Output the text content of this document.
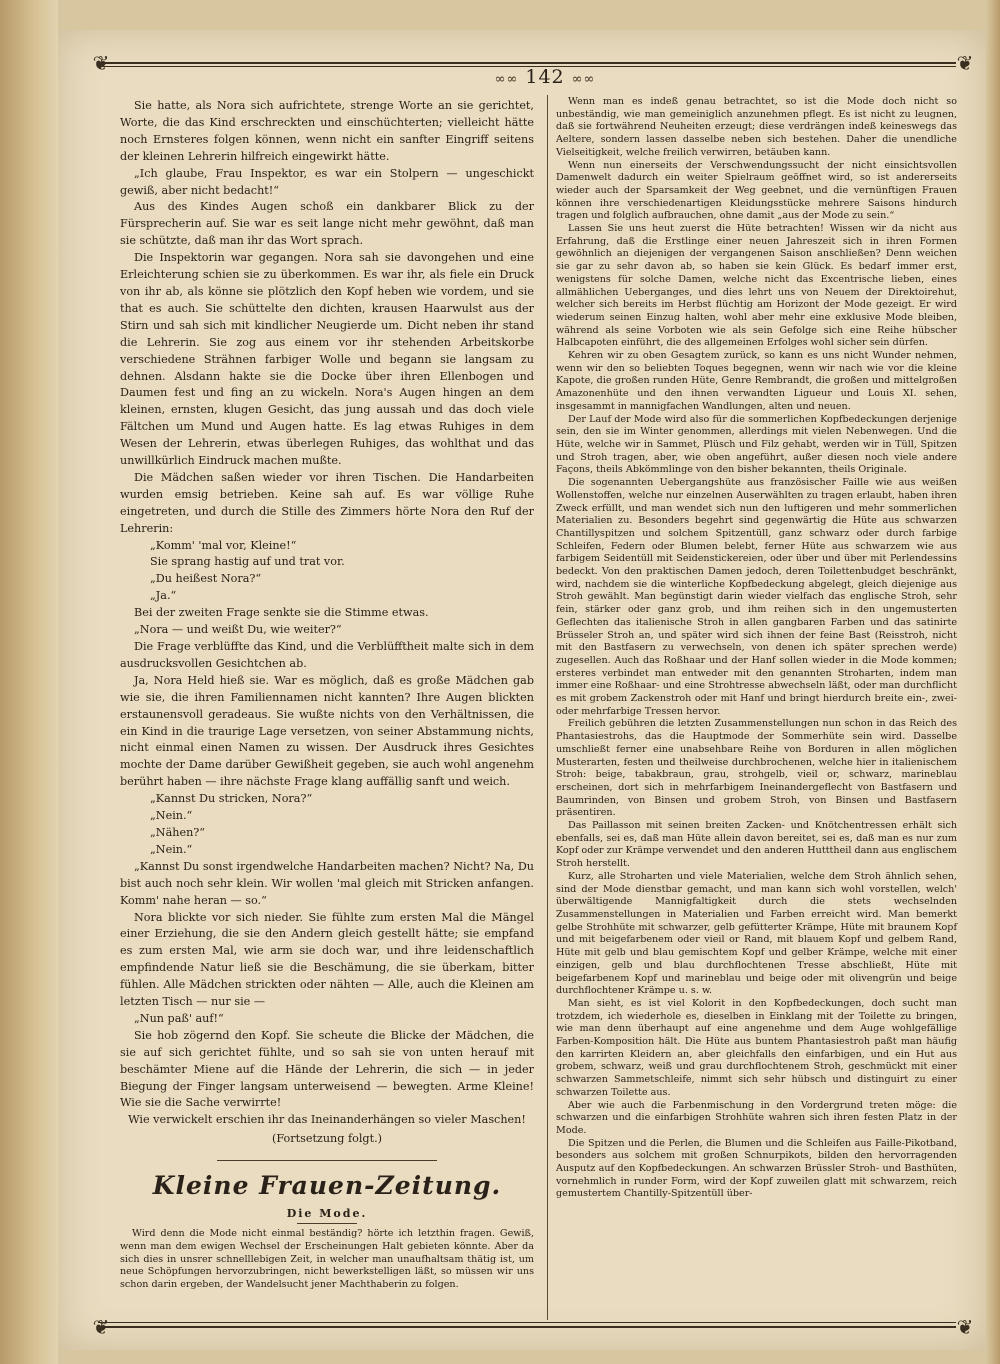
❦	❦
❦	❦
∞∞ 142 ∞∞

Sie hatte, als Nora sich aufrichtete, strenge Worte an sie gerichtet, Worte, die das Kind erschreckten und einschüchterten; vielleicht hätte noch Ernsteres folgen können, wenn nicht ein sanfter Eingriff seitens der kleinen Lehrerin hilfreich eingewirkt hätte.

„Ich glaube, Frau Inspektor, es war ein Stolpern — ungeschickt gewiß, aber nicht bedacht!“

Aus des Kindes Augen schoß ein dankbarer Blick zu der Fürsprecherin auf. Sie war es seit lange nicht mehr gewöhnt, daß man sie schützte, daß man ihr das Wort sprach.

Die Inspektorin war gegangen. Nora sah sie davongehen und eine Erleichterung schien sie zu überkommen. Es war ihr, als fiele ein Druck von ihr ab, als könne sie plötzlich den Kopf heben wie vordem, und sie that es auch. Sie schüttelte den dichten, krausen Haarwulst aus der Stirn und sah sich mit kindlicher Neugierde um. Dicht neben ihr stand die Lehrerin. Sie zog aus einem vor ihr stehenden Arbeitskorbe verschiedene Strähnen farbiger Wolle und begann sie langsam zu dehnen. Alsdann hakte sie die Docke über ihren Ellenbogen und Daumen fest und fing an zu wickeln. Nora's Augen hingen an dem kleinen, ernsten, klugen Gesicht, das jung aussah und das doch viele Fältchen um Mund und Augen hatte. Es lag etwas Ruhiges in dem Wesen der Lehrerin, etwas überlegen Ruhiges, das wohlthat und das unwillkürlich Eindruck machen mußte.

Die Mädchen saßen wieder vor ihren Tischen. Die Handarbeiten wurden emsig betrieben. Keine sah auf. Es war völlige Ruhe eingetreten, und durch die Stille des Zimmers hörte Nora den Ruf der Lehrerin:

„Komm' 'mal vor, Kleine!“

Sie sprang hastig auf und trat vor.

„Du heißest Nora?“

„Ja.“

Bei der zweiten Frage senkte sie die Stimme etwas.

„Nora — und weißt Du, wie weiter?“

Die Frage verblüffte das Kind, und die Verblüfftheit malte sich in dem ausdrucksvollen Gesichtchen ab.

Ja, Nora Held hieß sie. War es möglich, daß es große Mädchen gab wie sie, die ihren Familiennamen nicht kannten? Ihre Augen blickten erstaunensvoll geradeaus. Sie wußte nichts von den Verhältnissen, die ein Kind in die traurige Lage versetzen, von seiner Abstammung nichts, nicht einmal einen Namen zu wissen. Der Ausdruck ihres Gesichtes mochte der Dame darüber Gewißheit gegeben, sie auch wohl angenehm berührt haben — ihre nächste Frage klang auffällig sanft und weich.

„Kannst Du stricken, Nora?“

„Nein.“

„Nähen?“

„Nein.“

„Kannst Du sonst irgendwelche Handarbeiten machen? Nicht? Na, Du bist auch noch sehr klein. Wir wollen 'mal gleich mit Stricken anfangen. Komm' nahe heran — so.“

Nora blickte vor sich nieder. Sie fühlte zum ersten Mal die Mängel einer Erziehung, die sie den Andern gleich gestellt hätte; sie empfand es zum ersten Mal, wie arm sie doch war, und ihre leidenschaftlich empfindende Natur ließ sie die Beschämung, die sie überkam, bitter fühlen. Alle Mädchen strickten oder nähten — Alle, auch die Kleinen am letzten Tisch — nur sie —

„Nun paß' auf!“

Sie hob zögernd den Kopf. Sie scheute die Blicke der Mädchen, die sie auf sich gerichtet fühlte, und so sah sie von unten herauf mit beschämter Miene auf die Hände der Lehrerin, die sich — in jeder Biegung der Finger langsam unterweisend — bewegten. Arme Kleine! Wie sie die Sache verwirrte!

Wie verwickelt erschien ihr das Ineinanderhängen so vieler Maschen!

(Fortsetzung folgt.)

Kleine Frauen-Zeitung.
Die Mode.

Wird denn die Mode nicht einmal beständig? hörte ich letzthin fragen. Gewiß, wenn man dem ewigen Wechsel der Erscheinungen Halt gebieten könnte. Aber da sich dies in unsrer schnelllebigen Zeit, in welcher man unaufhaltsam thätig ist, um neue Schöpfungen hervorzubringen, nicht bewerkstelligen läßt, so müssen wir uns schon darin ergeben, der Wandelsucht jener Machthaberin zu folgen.

Wenn man es indeß genau betrachtet, so ist die Mode doch nicht so unbeständig, wie man gemeiniglich anzunehmen pflegt. Es ist nicht zu leugnen, daß sie fortwährend Neuheiten erzeugt; diese verdrängen indeß keineswegs das Aeltere, sondern lassen dasselbe neben sich bestehen. Daher die unendliche Vielseitigkeit, welche freilich verwirren, betäuben kann.

Wenn nun einerseits der Verschwendungssucht der nicht einsichtsvollen Damenwelt dadurch ein weiter Spielraum geöffnet wird, so ist andererseits wieder auch der Sparsamkeit der Weg geebnet, und die vernünftigen Frauen können ihre verschiedenartigen Kleidungsstücke mehrere Saisons hindurch tragen und folglich aufbrauchen, ohne damit „aus der Mode zu sein.“

Lassen Sie uns heut zuerst die Hüte betrachten! Wissen wir da nicht aus Erfahrung, daß die Erstlinge einer neuen Jahreszeit sich in ihren Formen gewöhnlich an diejenigen der vergangenen Saison anschließen? Denn weichen sie gar zu sehr davon ab, so haben sie kein Glück. Es bedarf immer erst, wenigstens für solche Damen, welche nicht das Excentrische lieben, eines allmählichen Ueberganges, und dies lehrt uns von Neuem der Direktoirehut, welcher sich bereits im Herbst flüchtig am Horizont der Mode gezeigt. Er wird wiederum seinen Einzug halten, wohl aber mehr eine exklusive Mode bleiben, während als seine Vorboten wie als sein Gefolge sich eine Reihe hübscher Halbcapoten einführt, die des allgemeinen Erfolges wohl sicher sein dürfen.

Kehren wir zu oben Gesagtem zurück, so kann es uns nicht Wunder nehmen, wenn wir den so beliebten Toques begegnen, wenn wir nach wie vor die kleine Kapote, die großen runden Hüte, Genre Rembrandt, die großen und mittelgroßen Amazonenhüte und den ihnen verwandten Ligueur und Louis XI. sehen, insgesammt in mannigfachen Wandlungen, alten und neuen.

Der Lauf der Mode wird also für die sommerlichen Kopfbedeckungen derjenige sein, den sie im Winter genommen, allerdings mit vielen Nebenwegen. Und die Hüte, welche wir in Sammet, Plüsch und Filz gehabt, werden wir in Tüll, Spitzen und Stroh tragen, aber, wie oben angeführt, außer diesen noch viele andere Façons, theils Abkömmlinge von den bisher bekannten, theils Originale.

Die sogenannten Uebergangshüte aus französischer Faille wie aus weißen Wollenstoffen, welche nur einzelnen Auserwählten zu tragen erlaubt, haben ihren Zweck erfüllt, und man wendet sich nun den luftigeren und mehr sommerlichen Materialien zu. Besonders begehrt sind gegenwärtig die Hüte aus schwarzen Chantillyspitzen und solchem Spitzentüll, ganz schwarz oder durch farbige Schleifen, Federn oder Blumen belebt, ferner Hüte aus schwarzem wie aus farbigem Seidentüll mit Seidenstickereien, oder über und über mit Perlendessins bedeckt. Von den praktischen Damen jedoch, deren Toilettenbudget beschränkt, wird, nachdem sie die winterliche Kopfbedeckung abgelegt, gleich diejenige aus Stroh gewählt. Man begünstigt darin wieder vielfach das englische Stroh, sehr fein, stärker oder ganz grob, und ihm reihen sich in den ungemusterten Geflechten das italienische Stroh in allen gangbaren Farben und das satinirte Brüsseler Stroh an, und später wird sich ihnen der feine Bast (Reisstroh, nicht mit den Bastfasern zu verwechseln, von denen ich später sprechen werde) zugesellen. Auch das Roßhaar und der Hanf sollen wieder in die Mode kommen; ersteres verbindet man entweder mit den genannten Stroharten, indem man immer eine Roßhaar- und eine Strohtresse abwechseln läßt, oder man durchflicht es mit grobem Zackenstroh oder mit Hanf und bringt hierdurch breite ein-, zwei- oder mehrfarbige Tressen hervor.

Freilich gebühren die letzten Zusammenstellungen nun schon in das Reich des Phantasiestrohs, das die Hauptmode der Sommerhüte sein wird. Dasselbe umschließt ferner eine unabsehbare Reihe von Borduren in allen möglichen Musterarten, festen und theilweise durchbrochenen, welche hier in italienischem Stroh: beige, tabakbraun, grau, strohgelb, vieil or, schwarz, marineblau erscheinen, dort sich in mehrfarbigem Ineinandergeflecht von Bastfasern und Baumrinden, von Binsen und grobem Stroh, von Binsen und Bastfasern präsentiren.

Das Paillasson mit seinen breiten Zacken- und Knötchentressen erhält sich ebenfalls, sei es, daß man Hüte allein davon bereitet, sei es, daß man es nur zum Kopf oder zur Krämpe verwendet und den anderen Hutttheil dann aus englischem Stroh herstellt.

Kurz, alle Stroharten und viele Materialien, welche dem Stroh ähnlich sehen, sind der Mode dienstbar gemacht, und man kann sich wohl vorstellen, welch' überwältigende Mannigfaltigkeit durch die stets wechselnden Zusammenstellungen in Materialien und Farben erreicht wird. Man bemerkt gelbe Strohhüte mit schwarzer, gelb gefütterter Krämpe, Hüte mit braunem Kopf und mit beigefarbenem oder vieil or Rand, mit blauem Kopf und gelbem Rand, Hüte mit gelb und blau gemischtem Kopf und gelber Krämpe, welche mit einer einzigen, gelb und blau durchflochtenen Tresse abschließt, Hüte mit beigefarbenem Kopf und marineblau und beige oder mit olivengrün und beige durchflochtener Krämpe u. s. w.

Man sieht, es ist viel Kolorit in den Kopfbedeckungen, doch sucht man trotzdem, ich wiederhole es, dieselben in Einklang mit der Toilette zu bringen, wie man denn überhaupt auf eine angenehme und dem Auge wohlgefällige Farben-Komposition hält. Die Hüte aus buntem Phantasiestroh paßt man häufig den karrirten Kleidern an, aber gleichfalls den einfarbigen, und ein Hut aus grobem, schwarz, weiß und grau durchflochtenem Stroh, geschmückt mit einer schwarzen Sammetschleife, nimmt sich sehr hübsch und distinguirt zu einer schwarzen Toilette aus.

Aber wie auch die Farbenmischung in den Vordergrund treten möge: die schwarzen und die einfarbigen Strohhüte wahren sich ihren festen Platz in der Mode.

Die Spitzen und die Perlen, die Blumen und die Schleifen aus Faille-Pikotband, besonders aus solchem mit großen Schnurpikots, bilden den hervorragenden Ausputz auf den Kopfbedeckungen. An schwarzen Brüssler Stroh- und Basthüten, vornehmlich in runder Form, wird der Kopf zuweilen glatt mit schwarzem, reich gemustertem Chantilly-Spitzentüll über-
